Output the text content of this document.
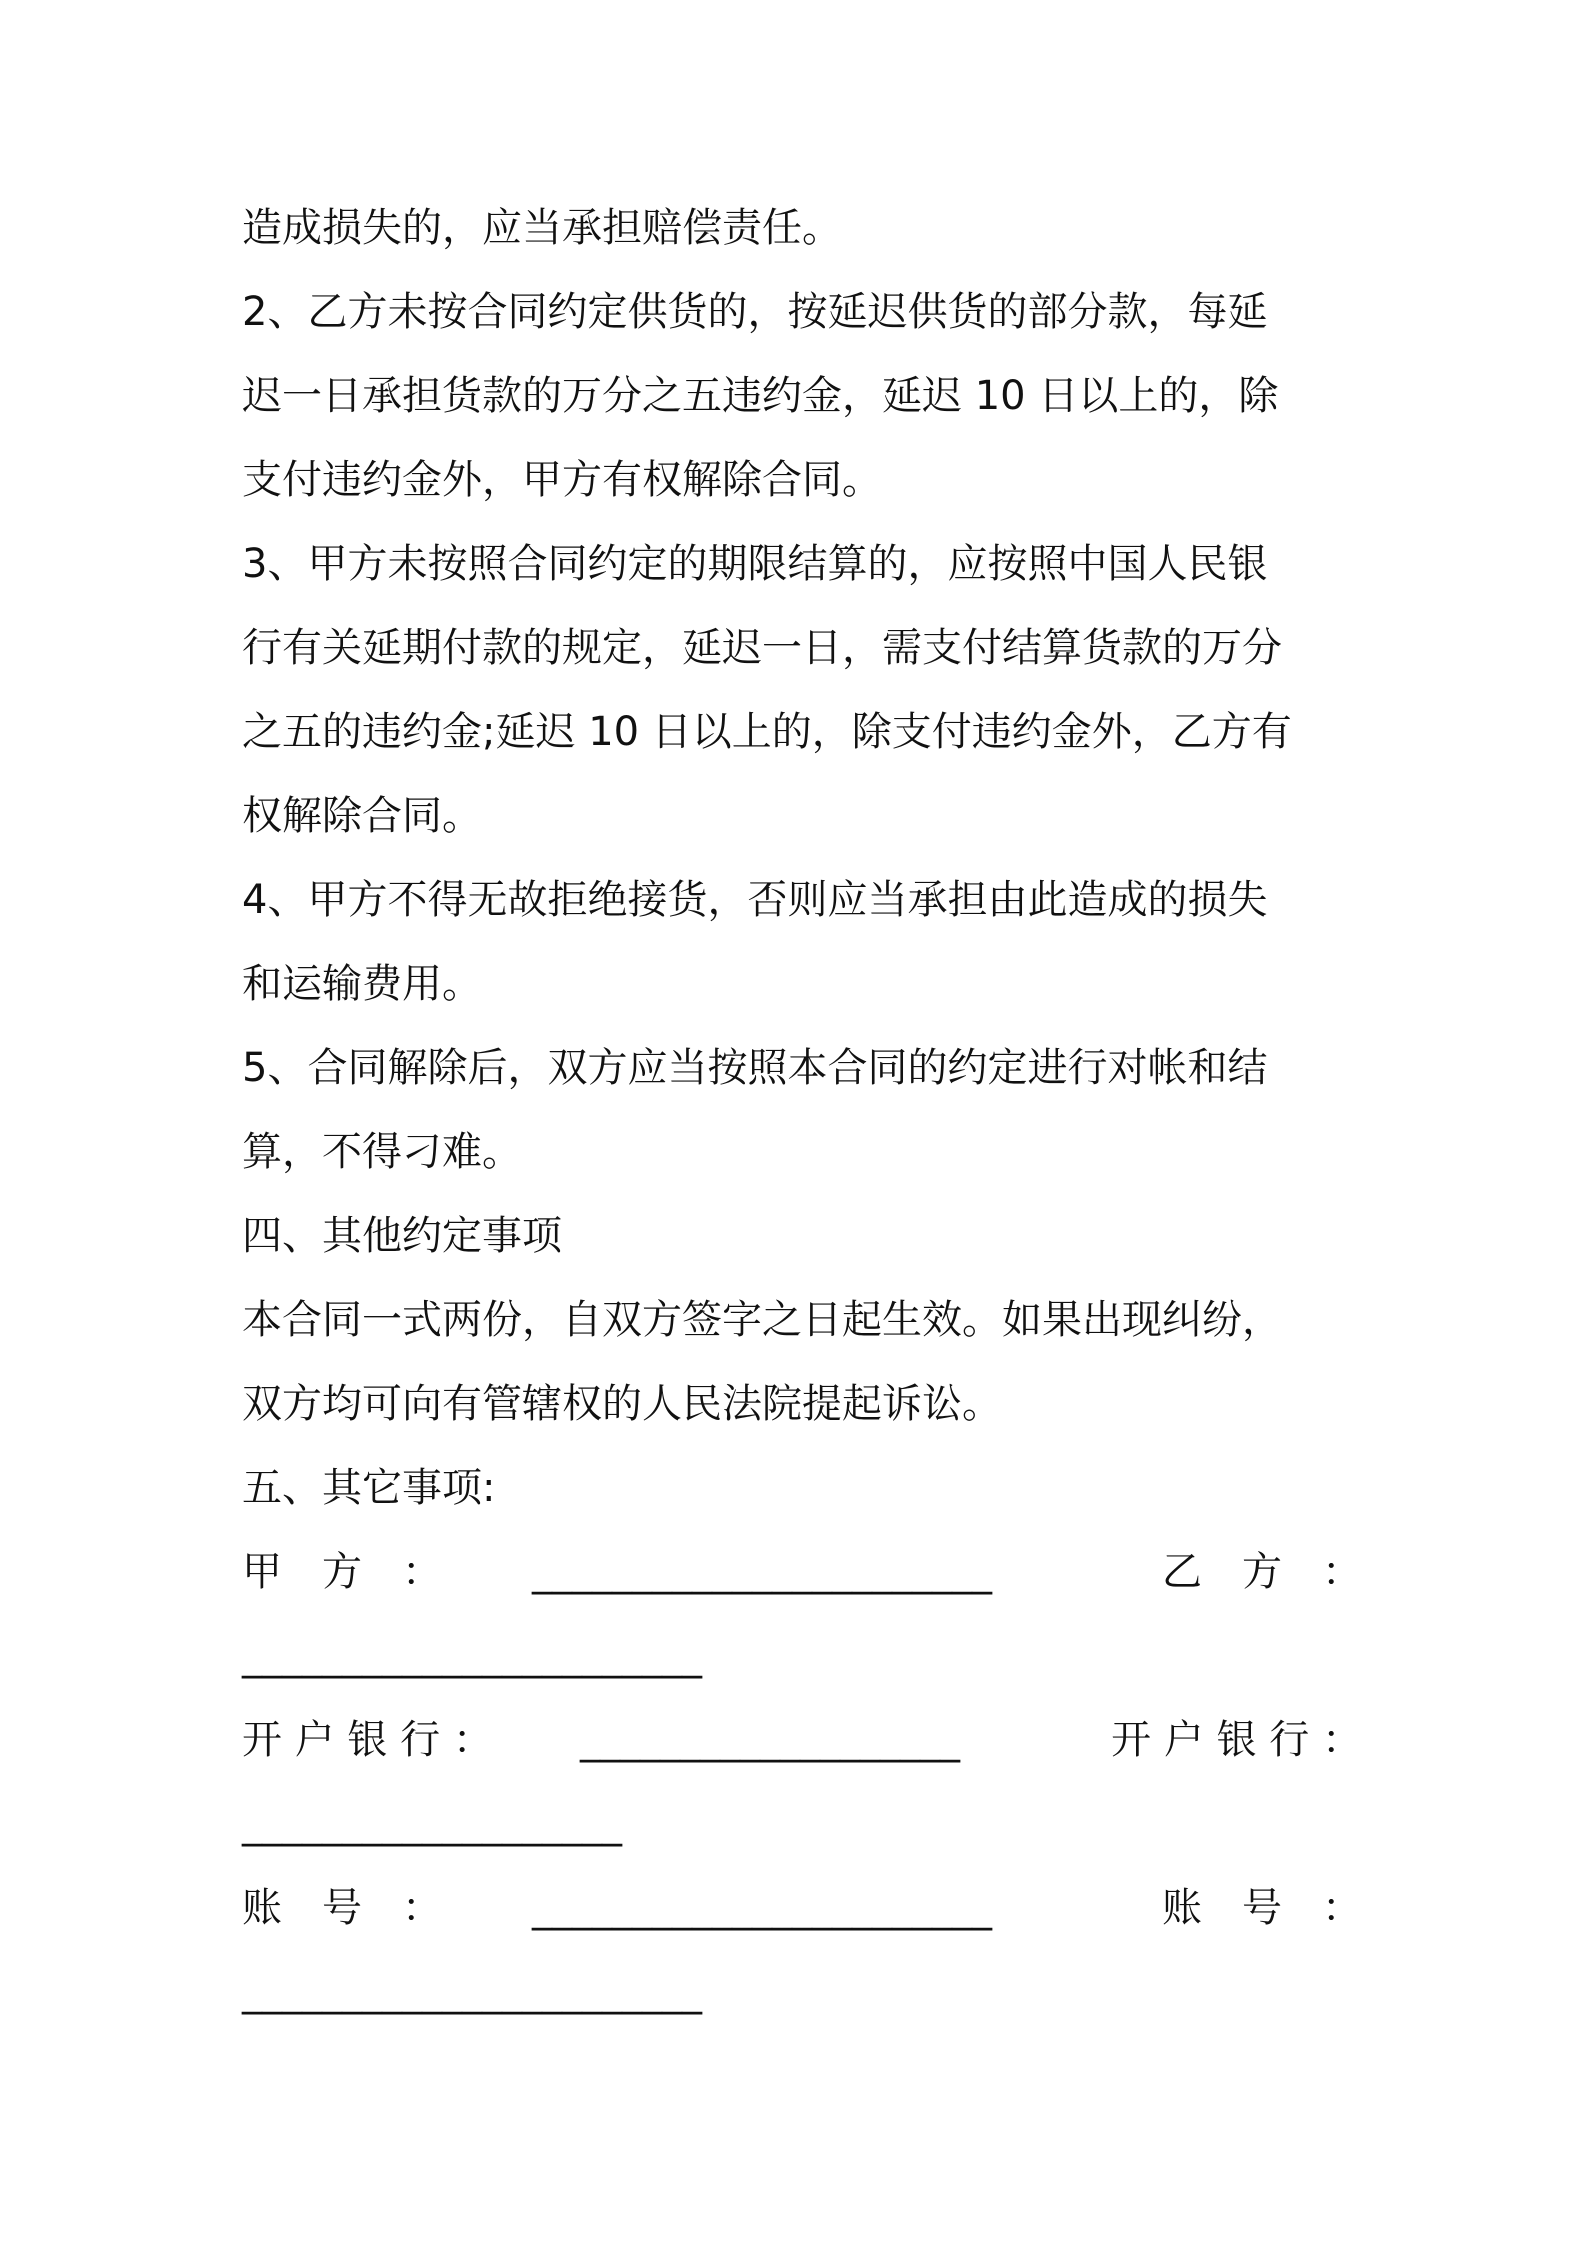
造成损失的，应当承担赔偿责任。
2、乙方未按合同约定供货的，按延迟供货的部分款，每延
迟一日承担货款的万分之五违约金，延迟 10 日以上的，除
支付违约金外，甲方有权解除合同。
3、甲方未按照合同约定的期限结算的，应按照中国人民银
行有关延期付款的规定，延迟一日，需支付结算货款的万分
之五的违约金;延迟 10 日以上的，除支付违约金外，乙方有
权解除合同。
4、甲方不得无故拒绝接货，否则应当承担由此造成的损失
和运输费用。
5、合同解除后，双方应当按照本合同的约定进行对帐和结
算，不得刁难。
四、其他约定事项
本合同一式两份，自双方签字之日起生效。如果出现纠纷，
双方均可向有管辖权的人民法院提起诉讼。
五、其它事项:

甲　方　：

_______________________

	乙　方　：

_______________________

开 户 银 行 ：

___________________

	开 户 银 行 ：

___________________

账　号　：

_______________________

	账　号　：

_______________________
